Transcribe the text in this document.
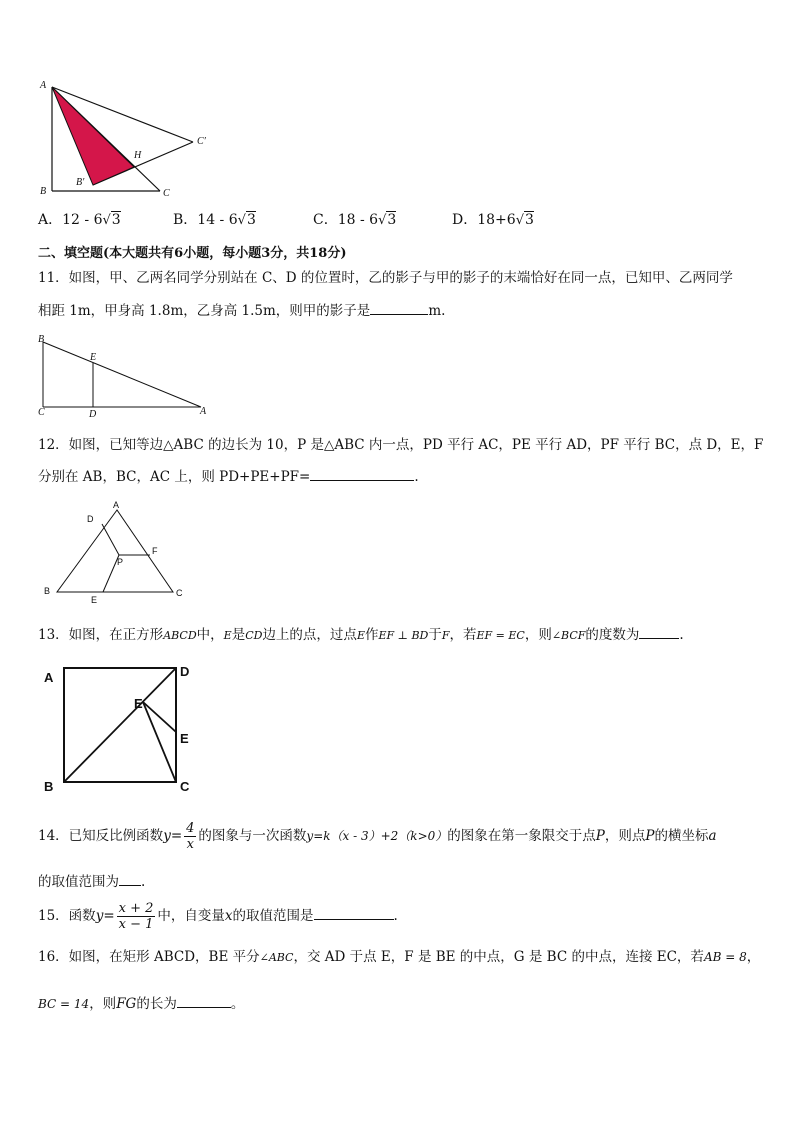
A
B	C
C′
B′
H
A．12 - 6√3	B．14 - 6√3	C．18 - 6√3	D．18+6√3
二、填空题(本大题共有6小题，每小题3分，共18分)
11．如图，甲、乙两名同学分别站在 C、D 的位置时，乙的影子与甲的影子的末端恰好在同一点，已知甲、乙两同学
相距 1m，甲身高 1.8m，乙身高 1.5m，则甲的影子是	m.
B
E
C	D	A
12．如图，已知等边△ABC 的边长为 10，P 是△ABC 内一点，PD 平行 AC，PE 平行 AD，PF 平行 BC，点 D，E，F
分别在 AB，BC，AC 上，则 PD+PE+PF=	.
A
D
F
P
B
E
C
13．如图，在正方形ABCD中，E是CD边上的点，过点E作EF ⊥ BD于F，若EF = EC，则∠BCF的度数为	.
A	D
E
E
B	C
14．已知反比例函数$y= \frac{4}{x}$ 的图象与一次函数y=k（x - 3）+2（k>0）的图象在第一象限交于点P，则点P的横坐标a
的取值范围为 .
15．函数$y= \frac{x + 2}{x - 1}$ 中，自变量x的取值范围是	.
16．如图，在矩形 ABCD，BE 平分∠ABC，交 AD 于点 E，F 是 BE 的中点，G 是 BC 的中点，连接 EC，若AB = 8，
BC = 14，则FG的长为	。
